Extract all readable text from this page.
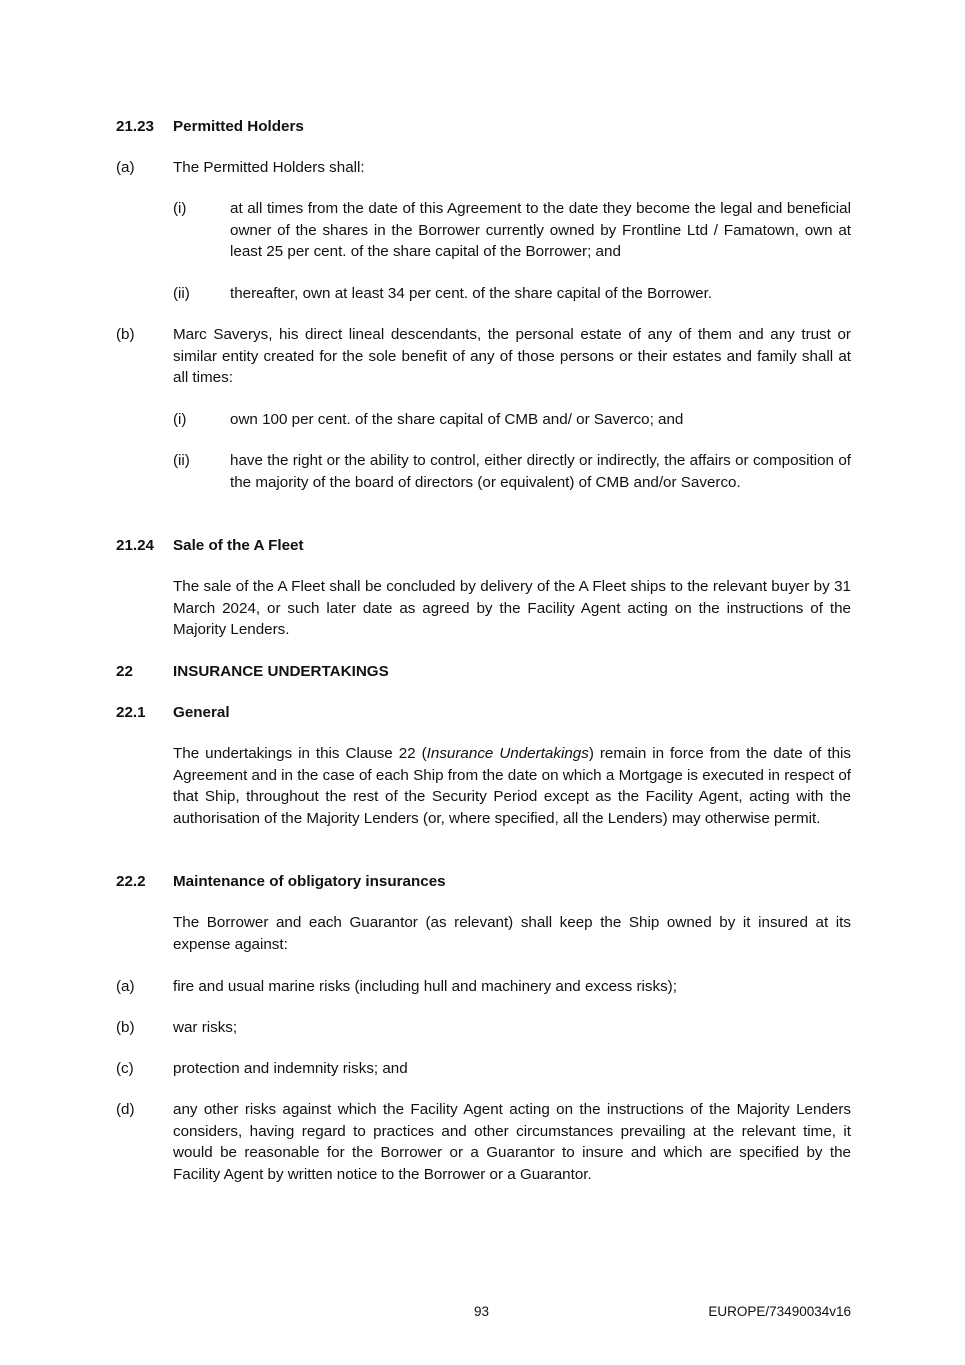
21.23 Permitted Holders
(a)	The Permitted Holders shall:
(i)	at all times from the date of this Agreement to the date they become the legal and beneficial owner of the shares in the Borrower currently owned by Frontline Ltd / Famatown, own at least 25 per cent. of the share capital of the Borrower; and
(ii)	thereafter, own at least 34 per cent. of the share capital of the Borrower.
(b)	Marc Saverys, his direct lineal descendants, the personal estate of any of them and any trust or similar entity created for the sole benefit of any of those persons or their estates and family shall at all times:
(i)	own 100 per cent. of the share capital of CMB and/ or Saverco; and
(ii)	have the right or the ability to control, either directly or indirectly, the affairs or composition of the majority of the board of directors (or equivalent) of CMB and/or Saverco.
21.24 Sale of the A Fleet
The sale of the A Fleet shall be concluded by delivery of the A Fleet ships to the relevant buyer by 31 March 2024, or such later date as agreed by the Facility Agent acting on the instructions of the Majority Lenders.
22	INSURANCE UNDERTAKINGS
22.1 General
The undertakings in this Clause 22 (Insurance Undertakings) remain in force from the date of this Agreement and in the case of each Ship from the date on which a Mortgage is executed in respect of that Ship, throughout the rest of the Security Period except as the Facility Agent, acting with the authorisation of the Majority Lenders (or, where specified, all the Lenders) may otherwise permit.
22.2 Maintenance of obligatory insurances
The Borrower and each Guarantor (as relevant) shall keep the Ship owned by it insured at its expense against:
(a)	fire and usual marine risks (including hull and machinery and excess risks);
(b)	war risks;
(c)	protection and indemnity risks; and
(d)	any other risks against which the Facility Agent acting on the instructions of the Majority Lenders considers, having regard to practices and other circumstances prevailing at the relevant time, it would be reasonable for the Borrower or a Guarantor to insure and which are specified by the Facility Agent by written notice to the Borrower or a Guarantor.
93	EUROPE/73490034v16
